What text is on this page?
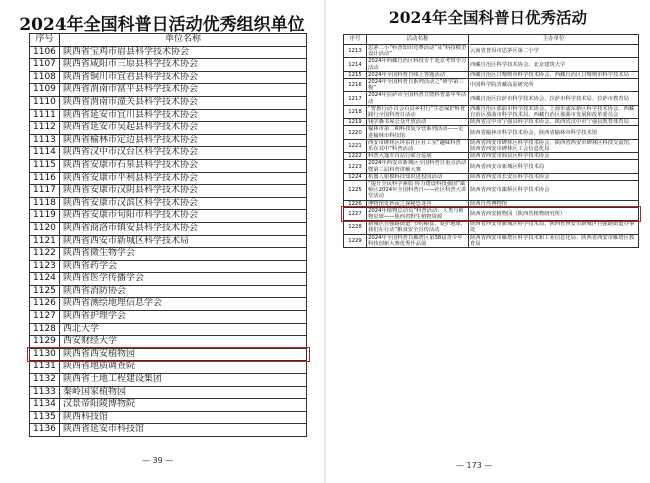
2024年全国科普日活动优秀组织单位
序号	单位名称
1106	陕西省宝鸡市眉县科学技术协会
1107	陕西省咸阳市三原县科学技术协会
1108	陕西省铜川市宜君县科学技术协会
1109	陕西省渭南市富平县科学技术协会
1110	陕西省渭南市潼关县科学技术协会
1111	陕西省延安市宜川县科学技术协会
1112	陕西省延安市吴起县科学技术协会
1113	陕西省榆林市定边县科学技术协会
1114	陕西省汉中市汉台区科学技术协会
1115	陕西省安康市石泉县科学技术协会
1116	陕西省安康市平利县科学技术协会
1117	陕西省安康市汉阴县科学技术协会
1118	陕西省安康市汉滨区科学技术协会
1119	陕西省安康市旬阳市科学技术协会
1120	陕西省商洛市镇安县科学技术协会
1121	陕西省西安市新城区科学技术局
1122	陕西省微生物学会
1123	陕西省药学会
1124	陕西省医学传播学会
1125	陕西省消防协会
1126	陕西省测绘地理信息学会
1127	陕西省护理学会
1128	西北大学
1129	西安财经大学
1130	陕西省西安植物园
1131	陕西省地质调查院
1132	陕西省土地工程建设集团
1133	秦岭国家植物园
1134	汉景帝阳陵博物院
1135	陕西科技馆
1136	陕西省延安市科技馆
— 39 —
2024年全国科普日优秀活动
序号	活动名称	主办单位
1213	思茅二小“科普知识竞赛活动”及“科技模型设计活动”	云南省普洱市思茅区第二小学
1214	2024年西藏自治区科技专干赴京考察学习活动	西藏自治区科学技术协会、北京建筑大学
1215	2024年全国科普日线上答题活动	西藏自治区日喀则市科学技术协会、西藏自治区日喀则市科学技术局
1216	2024年全国科普日系列活动之“研学第三极”	中国科学院青藏高原研究所
1217	2024年拉萨市全国科普日暨科普嘉年华活动	西藏自治区拉萨市科学技术协会、拉萨市科学技术局、拉萨市教育局
1218	“智惠行动·百会百县乡村行”生态保护科普践行全国科普日活动	西藏自治区那曲市科学技术协会、上海市浦东新区科学技术协会、西藏自治区那曲市科学技术局、西藏自治区那曲市发展和改革委员会
1219	钱学森书屋公众开放活动	陕西省汉中市宁强县科学技术协会、陕西省汉中市宁强县教育体育局
1220	榆林市第二期科技夏令营系列活动——走进榆林市科技馆	陕西省榆林市科学技术协会、陕西省榆林市科学技术馆
1221	西安市碑林区环东社区社工室“趣味科普 乐在其中”科普活动	陕西省西安市碑林区科学技术协会、陕西省西安市碑林区科技交流馆、陕西省西安市碑林区工会信息化局
1222	科普大篷车百站行联合巡展	陕西省西安市阎良区科学技术协会
1223	2024年西安市新城区全国科普日重点活动暨第三届科普讲解大赛	陕西省西安市新城区科学技术局
1224	机器人银模科技知识进校园活动	陕西省西安市长安区科学技术协会
1225	“提升全民科学素质 协力建设科技强国”灞桥区2024年全国科普日——社区科普大讲堂活动	陕西省西安市灞桥区科学技术协会
1226	博物馆奇妙夜之探秘恐龙谷	陕西自然博物馆
1227	2024年植物总动员“科普活动：人类与植物星球——陕西省野生植物资源	陕西省西安植物园（陕西省植物研究所）
1228	新城区自强路街道“节约粮食，爱护地球，我们在行动”粮食安全宣传活动	陕西省西安市新城区科学技术局、陕西省西安市新城区自强路街道办事处
1229	2024年全国科普日雁塔区第38届青少年科技创新大赛优秀作品展	陕西省西安市雁塔区科学技术和工业信息化局、陕西省西安市雁塔区教育局
— 173 —
